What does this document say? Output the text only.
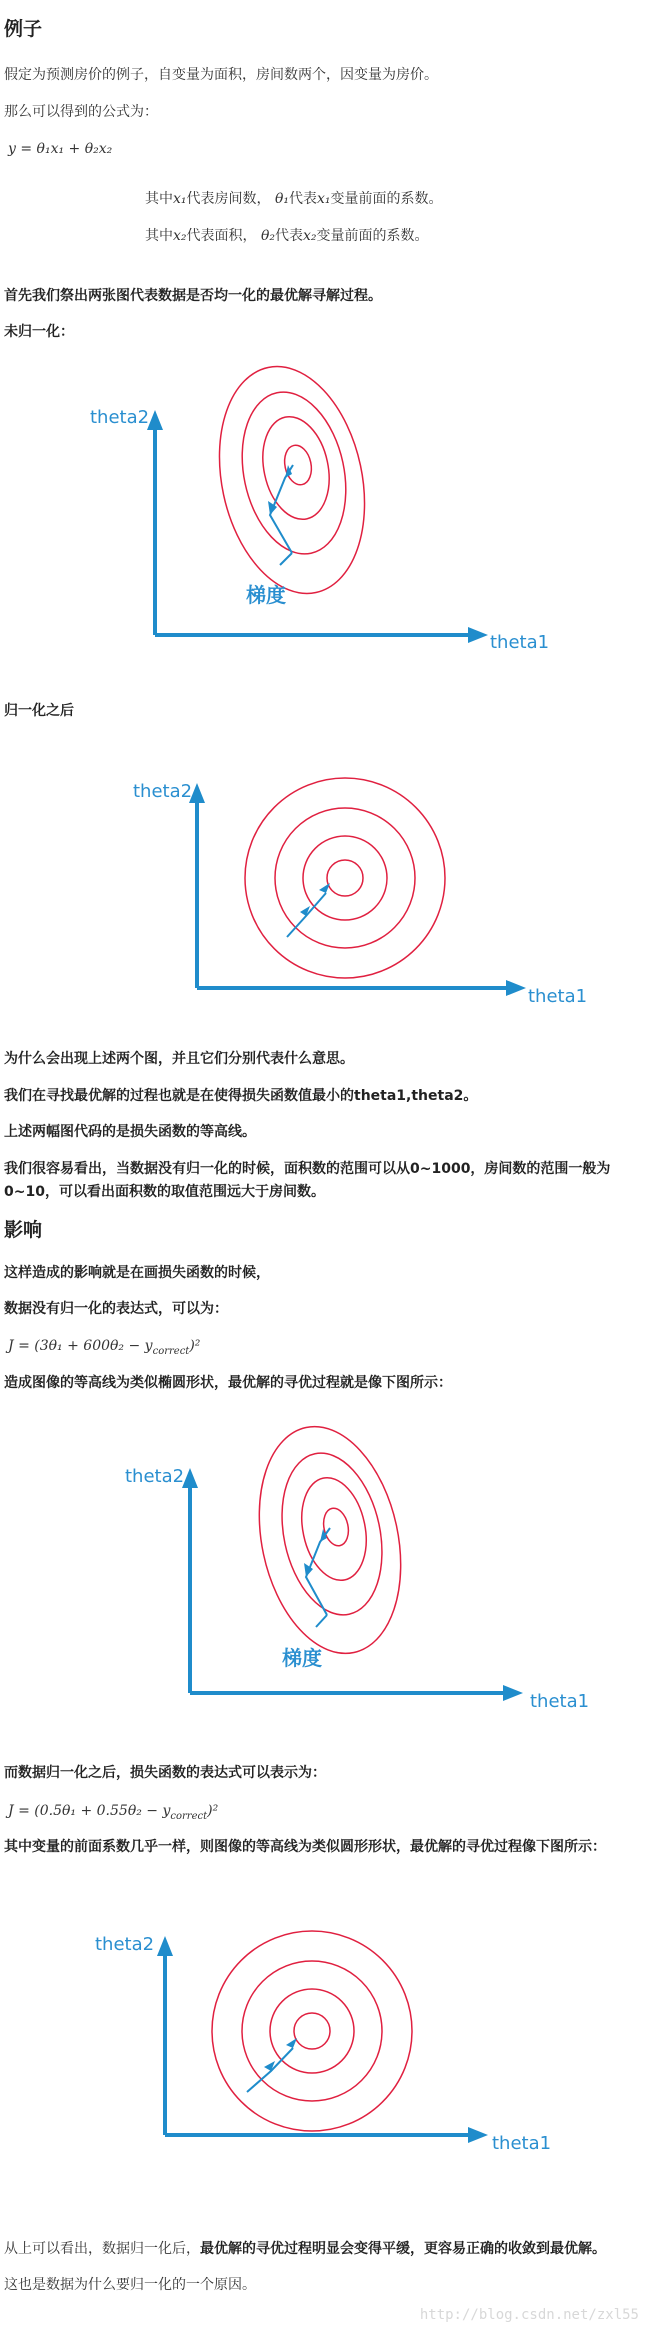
例子
假定为预测房价的例子，自变量为面积，房间数两个，因变量为房价。
那么可以得到的公式为：
y = θ₁x₁ + θ₂x₂
其中x₁代表房间数， θ₁代表x₁变量前面的系数。
其中x₂代表面积， θ₂代表x₂变量前面的系数。
首先我们祭出两张图代表数据是否均一化的最优解寻解过程。
未归一化：
theta2
theta1
梯度
归一化之后
theta2
theta1
为什么会出现上述两个图，并且它们分别代表什么意思。
我们在寻找最优解的过程也就是在使得损失函数值最小的theta1,theta2。
上述两幅图代码的是损失函数的等高线。
我们很容易看出，当数据没有归一化的时候，面积数的范围可以从0~1000，房间数的范围一般为
0~10，可以看出面积数的取值范围远大于房间数。
影响
这样造成的影响就是在画损失函数的时候，
数据没有归一化的表达式，可以为：
$J = (3\theta_1 + 600\theta_2 - y_{correct})^2$
造成图像的等高线为类似椭圆形状，最优解的寻优过程就是像下图所示：
theta2
theta1
梯度
而数据归一化之后，损失函数的表达式可以表示为：
$J = (0.5\theta_1 + 0.55\theta_2 - y_{correct})^2$
其中变量的前面系数几乎一样，则图像的等高线为类似圆形形状，最优解的寻优过程像下图所示：
theta2
theta1
从上可以看出，数据归一化后，最优解的寻优过程明显会变得平缓，更容易正确的收敛到最优解。
这也是数据为什么要归一化的一个原因。
http://blog.csdn.net/zxl55
